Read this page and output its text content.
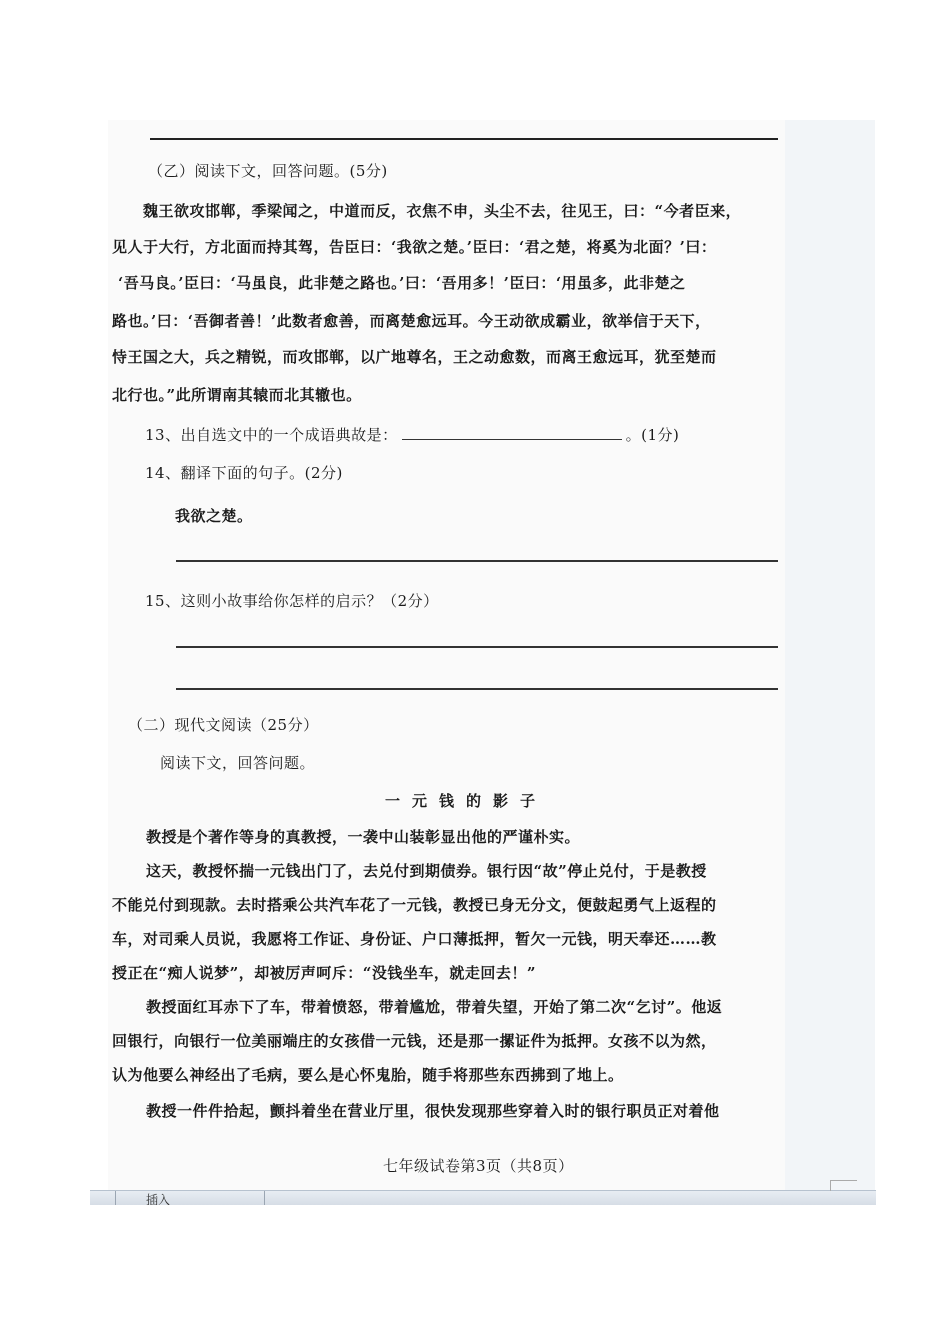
（乙）阅读下文，回答问题。(5分)
魏王欲攻邯郸，季梁闻之，中道而反，衣焦不申，头尘不去，往见王，曰：“今者臣来，
见人于大行，方北面而持其驾，告臣曰：‘我欲之楚。’臣曰：‘君之楚，将奚为北面？’曰：
‘吾马良。’臣曰：‘马虽良，此非楚之路也。’曰：‘吾用多！’臣曰：‘用虽多，此非楚之
路也。’曰：‘吾御者善！’此数者愈善，而离楚愈远耳。今王动欲成霸业，欲举信于天下，
恃王国之大，兵之精锐，而攻邯郸，以广地尊名，王之动愈数，而离王愈远耳，犹至楚而
北行也。”此所谓南其辕而北其辙也。
13、出自选文中的一个成语典故是：	。(1分)
14、翻译下面的句子。(2分)
我欲之楚。
15、这则小故事给你怎样的启示？（2分）
（二）现代文阅读（25分）
阅读下文，回答问题。
一元钱的影子
教授是个著作等身的真教授，一袭中山装彰显出他的严谨朴实。
这天，教授怀揣一元钱出门了，去兑付到期债券。银行因“故”停止兑付，于是教授
不能兑付到现款。去时搭乘公共汽车花了一元钱，教授已身无分文，便鼓起勇气上返程的
车，对司乘人员说，我愿将工作证、身份证、户口薄抵押，暂欠一元钱，明天奉还……教
授正在“痴人说梦”，却被厉声呵斥：“没钱坐车，就走回去！”
教授面红耳赤下了车，带着愤怒，带着尴尬，带着失望，开始了第二次“乞讨”。他返
回银行，向银行一位美丽端庄的女孩借一元钱，还是那一摞证件为抵押。女孩不以为然，
认为他要么神经出了毛病，要么是心怀鬼胎，随手将那些东西拂到了地上。
教授一件件拾起，颤抖着坐在营业厅里，很快发现那些穿着入时的银行职员正对着他
七年级试卷第3页（共8页）
插入
